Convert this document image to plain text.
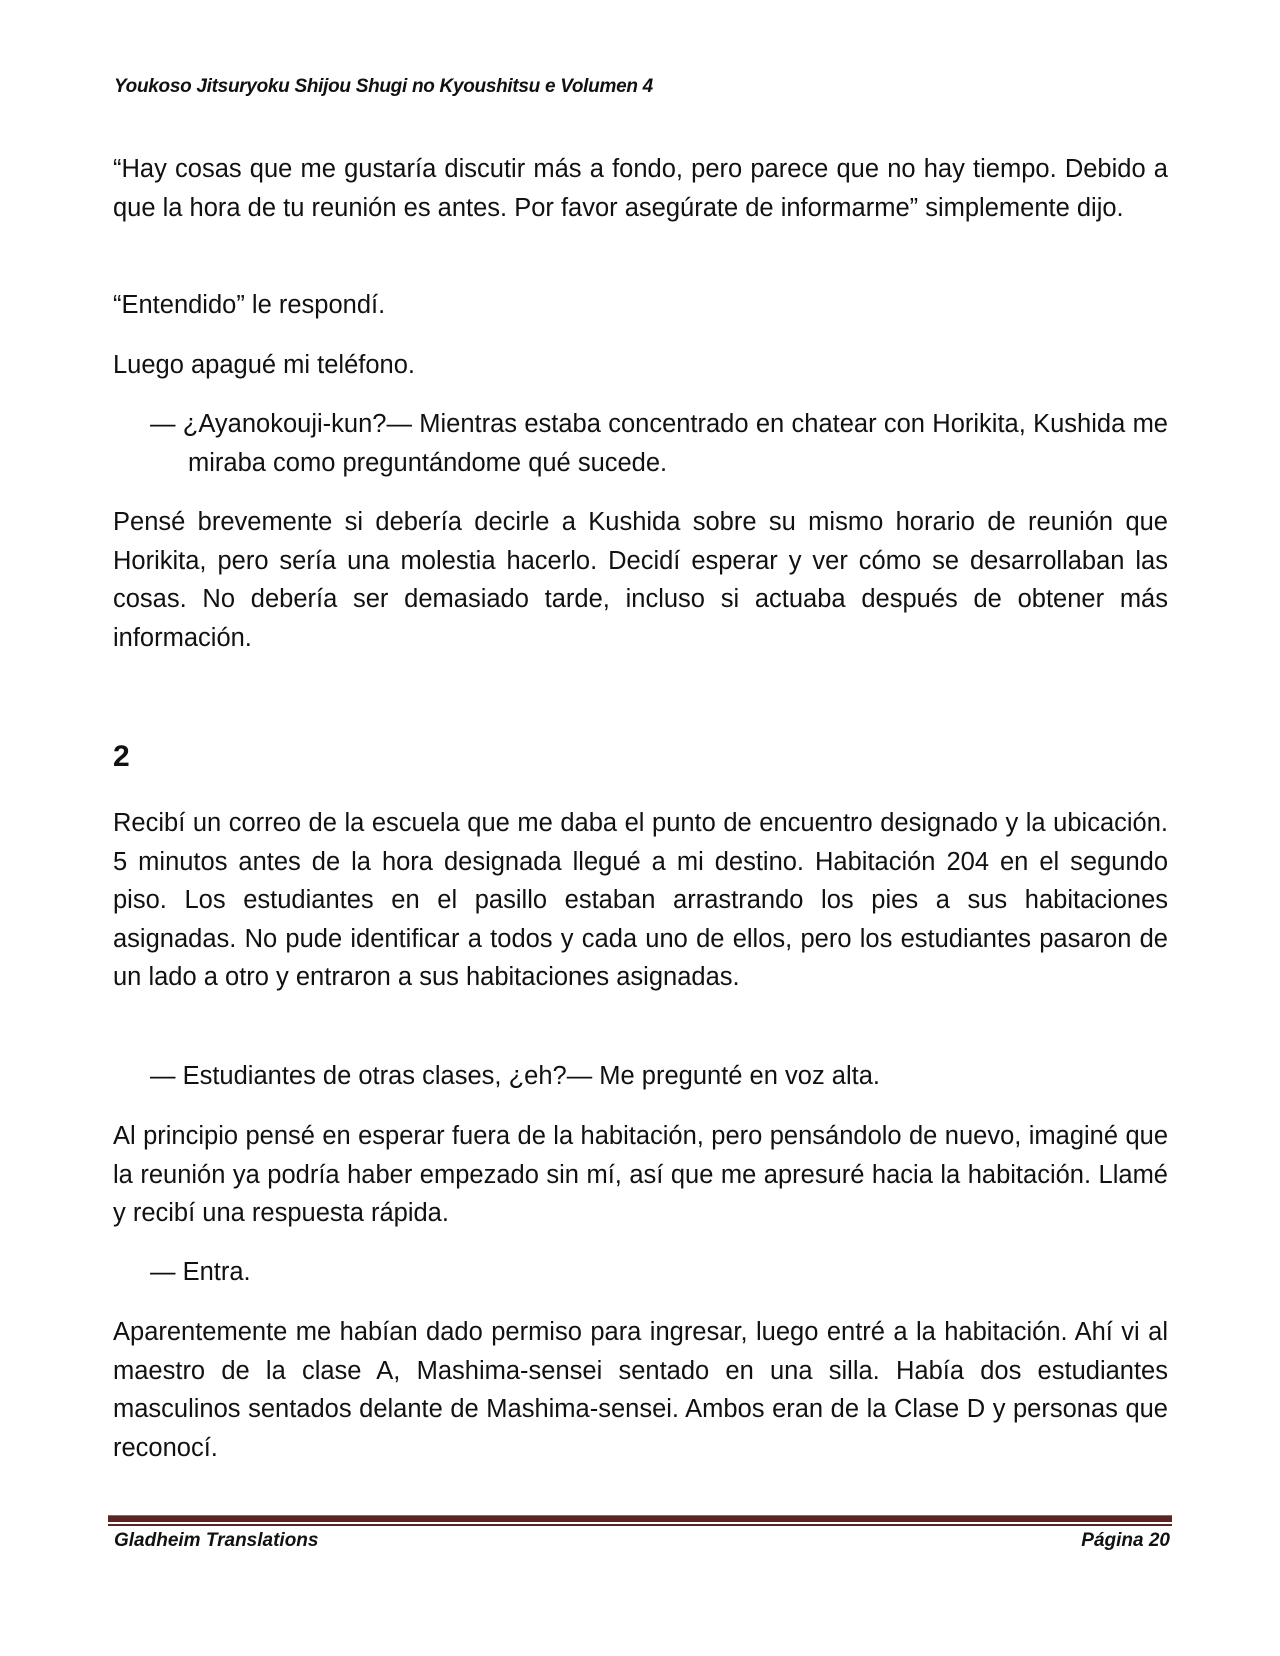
Youkoso Jitsuryoku Shijou Shugi no Kyoushitsu e Volumen 4

“Hay cosas que me gustaría discutir más a fondo, pero parece que no hay tiempo. Debido a que la hora de tu reunión es antes. Por favor asegúrate de informarme” simplemente dijo.

“Entendido” le respondí.

Luego apagué mi teléfono.

— ¿Ayanokouji-kun?— Mientras estaba concentrado en chatear con Horikita, Kushida me miraba como preguntándome qué sucede.

Pensé brevemente si debería decirle a Kushida sobre su mismo horario de reunión que Horikita, pero sería una molestia hacerlo. Decidí esperar y ver cómo se desarrollaban las cosas. No debería ser demasiado tarde, incluso si actuaba después de obtener más información.

2

Recibí un correo de la escuela que me daba el punto de encuentro designado y la ubicación. 5 minutos antes de la hora designada llegué a mi destino. Habitación 204 en el segundo piso. Los estudiantes en el pasillo estaban arrastrando los pies a sus habitaciones asignadas. No pude identificar a todos y cada uno de ellos, pero los estudiantes pasaron de un lado a otro y entraron a sus habitaciones asignadas.

— Estudiantes de otras clases, ¿eh?— Me pregunté en voz alta.

Al principio pensé en esperar fuera de la habitación, pero pensándolo de nuevo, imaginé que la reunión ya podría haber empezado sin mí, así que me apresuré hacia la habitación. Llamé y recibí una respuesta rápida.

— Entra.

Aparentemente me habían dado permiso para ingresar, luego entré a la habitación. Ahí vi al maestro de la clase A, Mashima-sensei sentado en una silla. Había dos estudiantes masculinos sentados delante de Mashima-sensei. Ambos eran de la Clase D y personas que reconocí.

Gladheim Translations	Página 20
